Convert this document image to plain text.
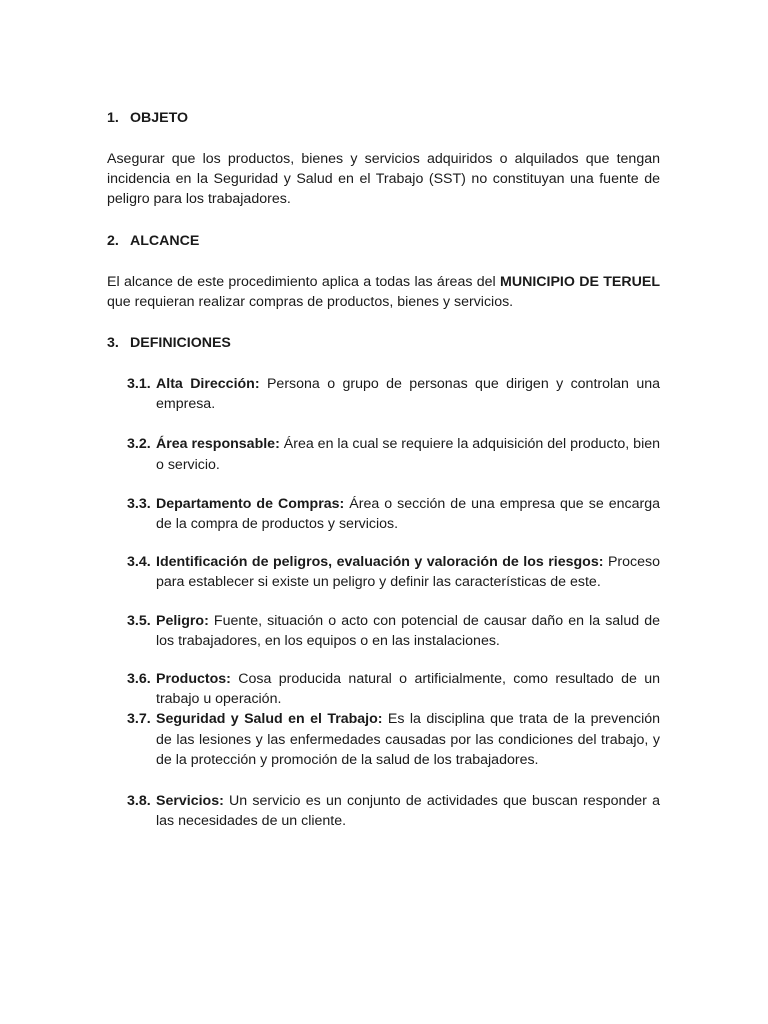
1. OBJETO

Asegurar que los productos, bienes y servicios adquiridos o alquilados que tengan incidencia en la Seguridad y Salud en el Trabajo (SST) no constituyan una fuente de peligro para los trabajadores.

2. ALCANCE

El alcance de este procedimiento aplica a todas las áreas del MUNICIPIO DE TERUEL que requieran realizar compras de productos, bienes y servicios.

3. DEFINICIONES
3.1. Alta Dirección: Persona o grupo de personas que dirigen y controlan una empresa.
3.2. Área responsable: Área en la cual se requiere la adquisición del producto, bien o servicio.
3.3. Departamento de Compras: Área o sección de una empresa que se encarga de la compra de productos y servicios.
3.4. Identificación de peligros, evaluación y valoración de los riesgos: Proceso para establecer si existe un peligro y definir las características de este.
3.5. Peligro: Fuente, situación o acto con potencial de causar daño en la salud de los trabajadores, en los equipos o en las instalaciones.
3.6. Productos: Cosa producida natural o artificialmente, como resultado de un trabajo u operación.
3.7. Seguridad y Salud en el Trabajo: Es la disciplina que trata de la prevención de las lesiones y las enfermedades causadas por las condiciones del trabajo, y de la protección y promoción de la salud de los trabajadores.
3.8. Servicios: Un servicio es un conjunto de actividades que buscan responder a las necesidades de un cliente.
